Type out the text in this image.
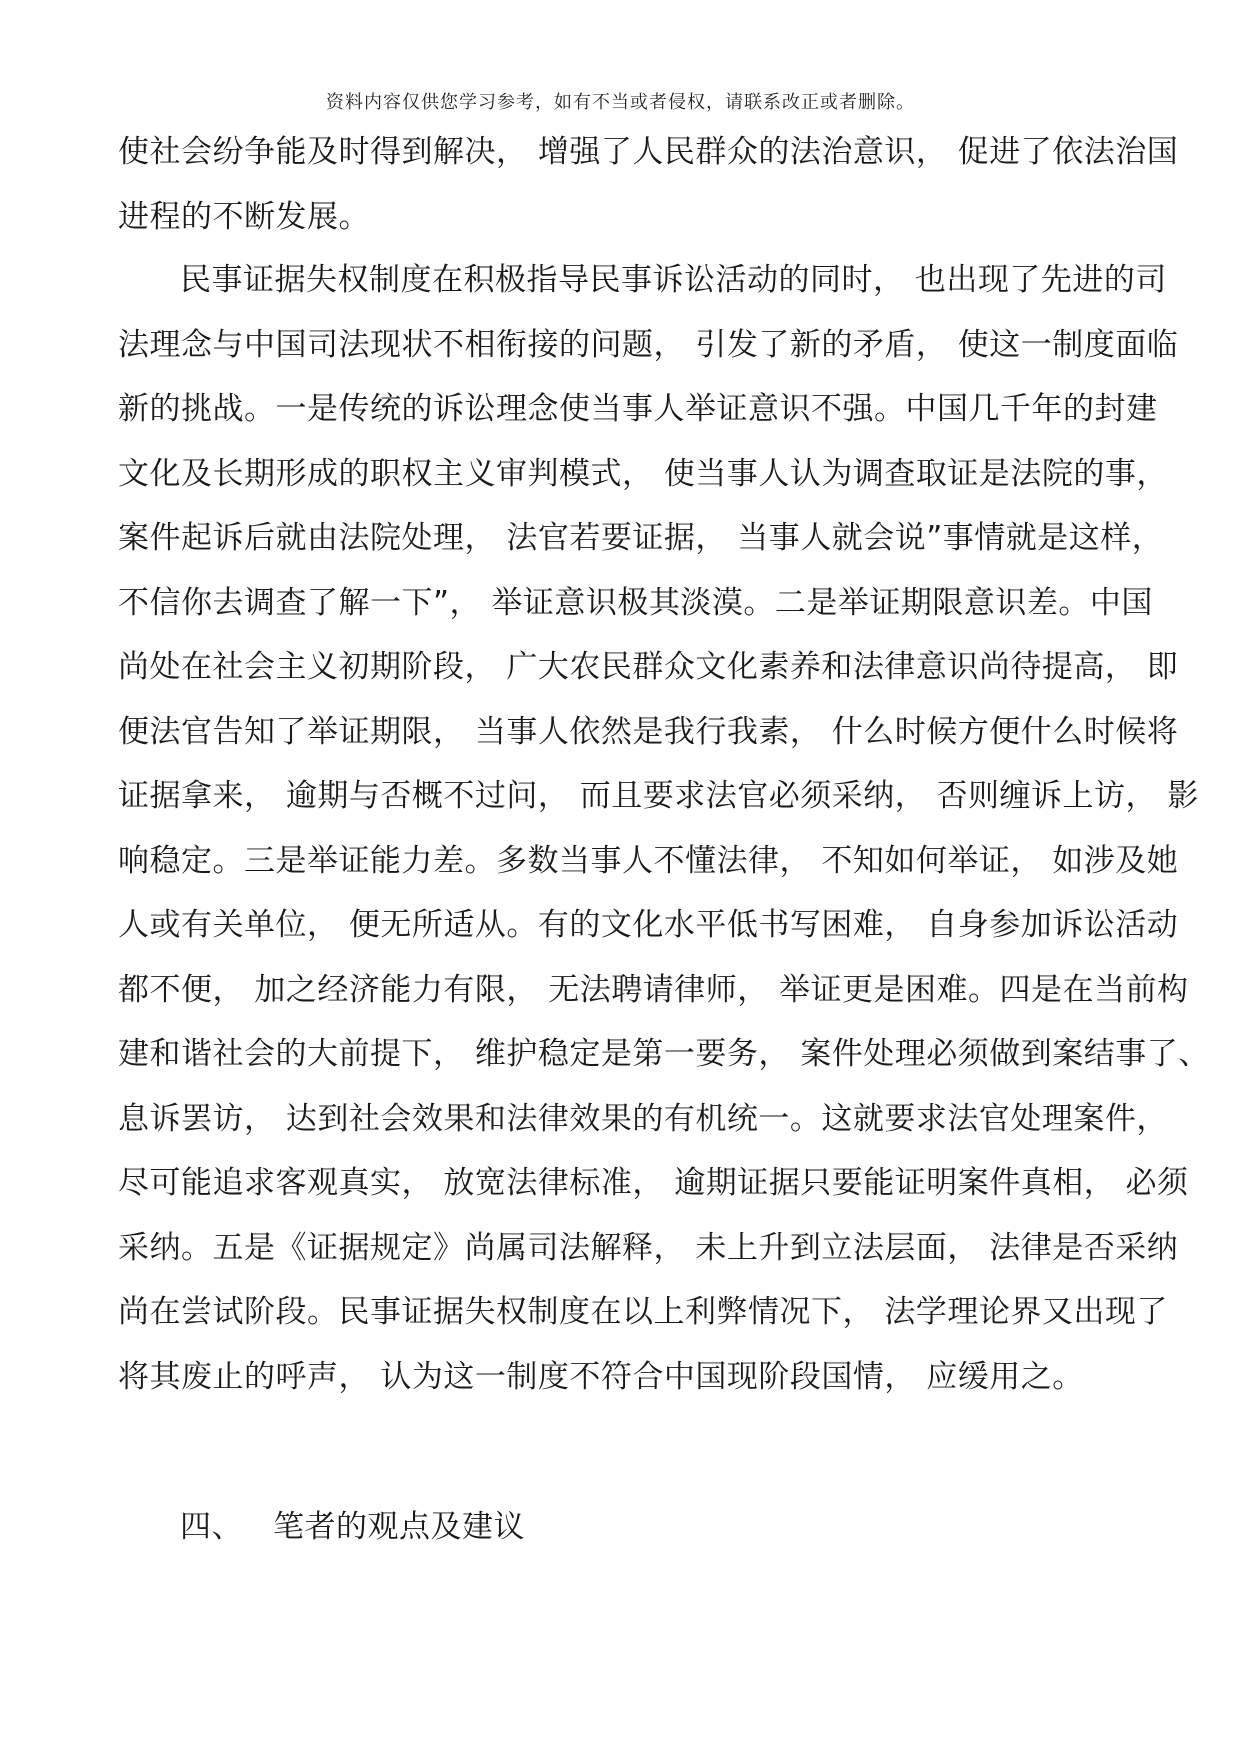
资料内容仅供您学习参考，如有不当或者侵权，请联系改正或者删除。
使社会纷争能及时得到解决， 增强了人民群众的法治意识， 促进了依法治国
进程的不断发展。
民事证据失权制度在积极指导民事诉讼活动的同时， 也出现了先进的司
法理念与中国司法现状不相衔接的问题， 引发了新的矛盾， 使这一制度面临
新的挑战。一是传统的诉讼理念使当事人举证意识不强。中国几千年的封建
文化及长期形成的职权主义审判模式， 使当事人认为调查取证是法院的事，
案件起诉后就由法院处理， 法官若要证据， 当事人就会说”事情就是这样，
不信你去调查了解一下”， 举证意识极其淡漠。二是举证期限意识差。中国
尚处在社会主义初期阶段， 广大农民群众文化素养和法律意识尚待提高， 即
便法官告知了举证期限， 当事人依然是我行我素， 什么时候方便什么时候将
证据拿来， 逾期与否概不过问， 而且要求法官必须采纳， 否则缠诉上访， 影
响稳定。三是举证能力差。多数当事人不懂法律， 不知如何举证， 如涉及她
人或有关单位， 便无所适从。有的文化水平低书写困难， 自身参加诉讼活动
都不便， 加之经济能力有限， 无法聘请律师， 举证更是困难。四是在当前构
建和谐社会的大前提下， 维护稳定是第一要务， 案件处理必须做到案结事了、
息诉罢访， 达到社会效果和法律效果的有机统一。这就要求法官处理案件，
尽可能追求客观真实， 放宽法律标准， 逾期证据只要能证明案件真相， 必须
采纳。五是《证据规定》尚属司法解释， 未上升到立法层面， 法律是否采纳
尚在尝试阶段。民事证据失权制度在以上利弊情况下， 法学理论界又出现了
将其废止的呼声， 认为这一制度不符合中国现阶段国情， 应缓用之。
四、 笔者的观点及建议
